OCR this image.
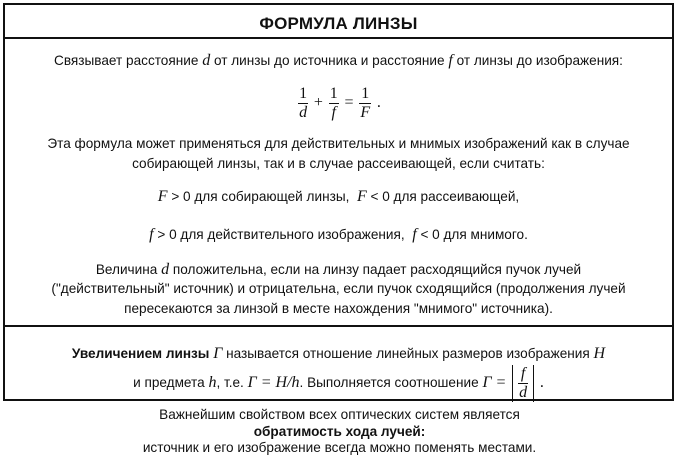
ФОРМУЛА ЛИНЗЫ
Связывает расстояние d от линзы до источника и расстояние f от линзы до изображения:
$\frac{1}{d} + \frac{1}{f} = \frac{1}{F}$ .
Эта формула может применяться для действительных и мнимых изображений как в случае
собирающей линзы, так и в случае рассеивающей, если считать:
F > 0 для собирающей линзы, F < 0 для рассеивающей,
f > 0 для действительного изображения, f < 0 для мнимого.
Величина d положительна, если на линзу падает расходящийся пучок лучей
("действительный" источник) и отрицательна, если пучок сходящийся (продолжения лучей
пересекаются за линзой в месте нахождения "мнимого" источника).
Увеличением линзы Γ называется отношение линейных размеров изображения H
и предмета h, т.е. Γ = H/h. Выполняется соотношение $\Gamma = \frac{f}{d}$ .
Важнейшим свойством всех оптических систем является
обратимость хода лучей:
источник и его изображение всегда можно поменять местами.
